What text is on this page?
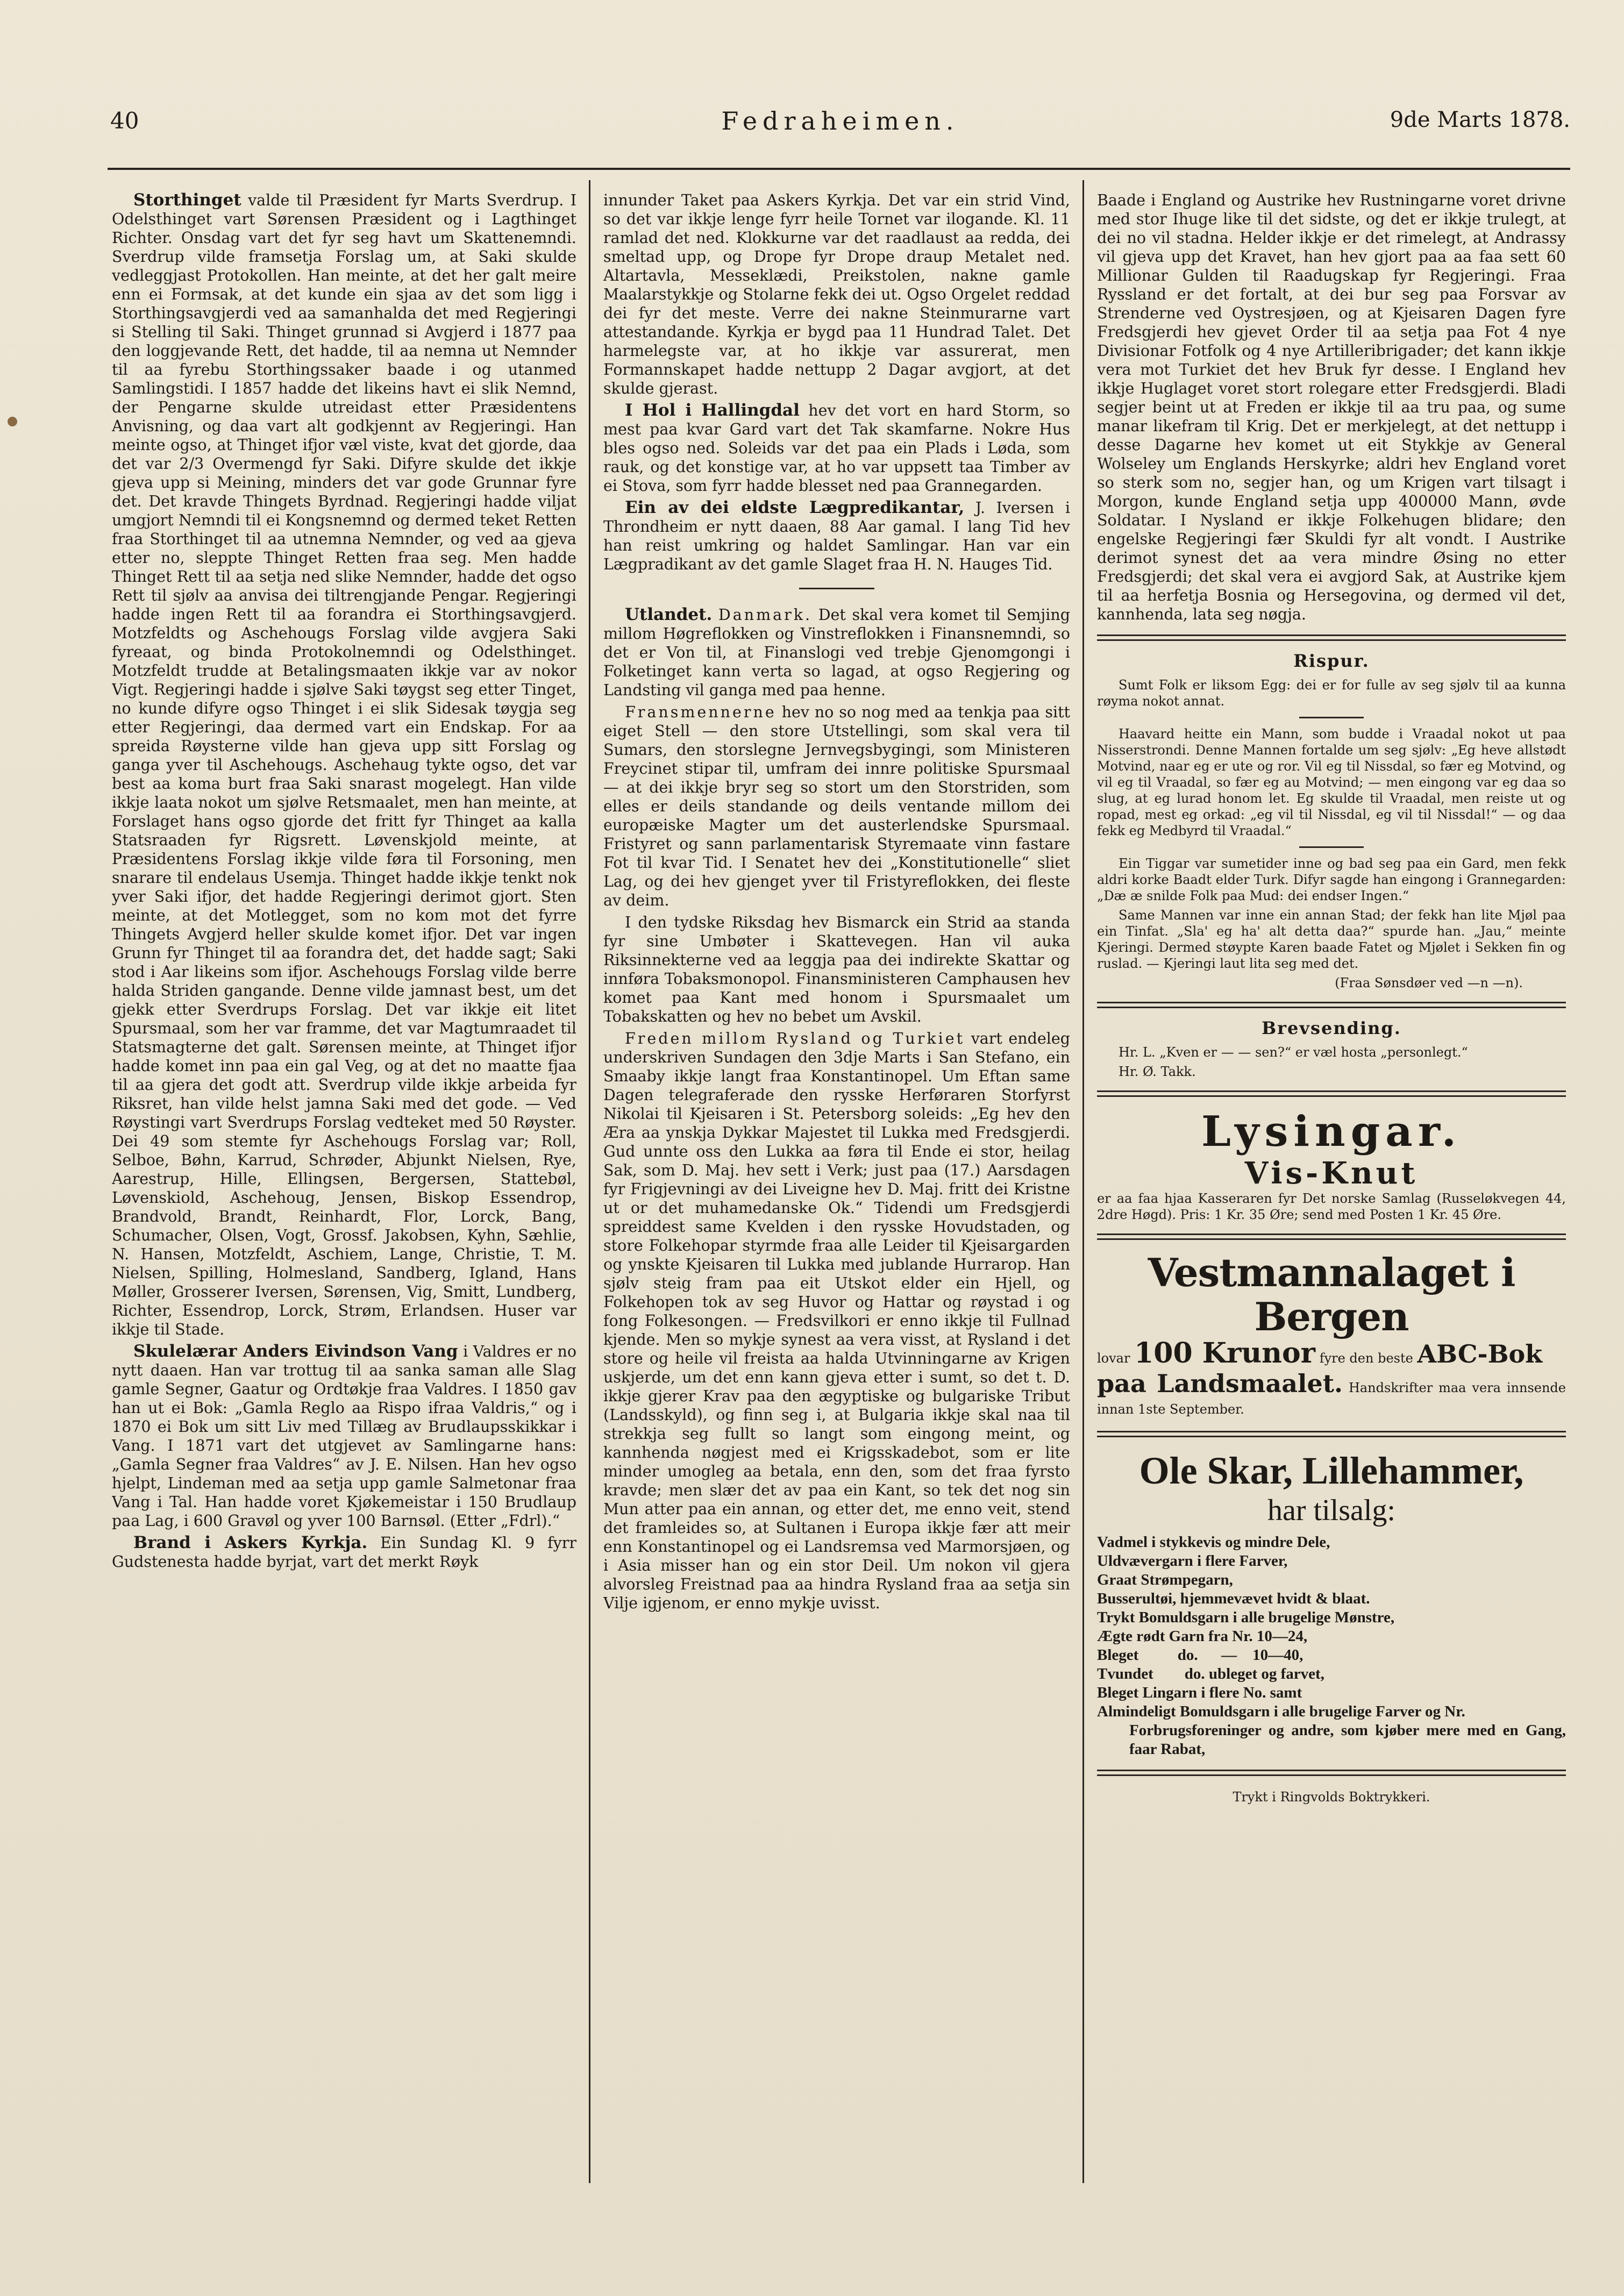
40	Fedraheimen.	9de Marts 1878.

Storthinget valde til Præsident fyr Marts Sverdrup. I Odelsthinget vart Sørensen Præsident og i Lagthinget Richter. Onsdag vart det fyr seg havt um Skattenemndi. Sverdrup vilde framsetja Forslag um, at Saki skulde vedleggjast Protokollen. Han meinte, at det her galt meire enn ei Formsak, at det kunde ein sjaa av det som ligg i Storthingsavgjerdi ved aa samanhalda det med Regjeringi si Stelling til Saki. Thinget grunnad si Avgjerd i 1877 paa den loggjevande Rett, det hadde, til aa nemna ut Nemnder til aa fyrebu Storthingssaker baade i og utanmed Samlingstidi. I 1857 hadde det likeins havt ei slik Nemnd, der Pengarne skulde utreidast etter Præsidentens Anvisning, og daa vart alt godkjennt av Regjeringi. Han meinte ogso, at Thinget ifjor væl viste, kvat det gjorde, daa det var 2/3 Overmengd fyr Saki. Difyre skulde det ikkje gjeva upp si Meining, minders det var gode Grunnar fyre det. Det kravde Thingets Byrdnad. Regjeringi hadde viljat umgjort Nemndi til ei Kongsnemnd og dermed teket Retten fraa Storthinget til aa utnemna Nemnder, og ved aa gjeva etter no, sleppte Thinget Retten fraa seg. Men hadde Thinget Rett til aa setja ned slike Nemnder, hadde det ogso Rett til sjølv aa anvisa dei tiltrengjande Pengar. Regjeringi hadde ingen Rett til aa forandra ei Storthingsavgjerd. Motzfeldts og Aschehougs Forslag vilde avgjera Saki fyreaat, og binda Protokolnemndi og Odelsthinget. Motzfeldt trudde at Betalingsmaaten ikkje var av nokor Vigt. Regjeringi hadde i sjølve Saki tøygst seg etter Tinget, no kunde difyre ogso Thinget i ei slik Sidesak tøygja seg etter Regjeringi, daa dermed vart ein Endskap. For aa spreida Røysterne vilde han gjeva upp sitt Forslag og ganga yver til Aschehougs. Aschehaug tykte ogso, det var best aa koma burt fraa Saki snarast mogelegt. Han vilde ikkje laata nokot um sjølve Retsmaalet, men han meinte, at Forslaget hans ogso gjorde det fritt fyr Thinget aa kalla Statsraaden fyr Rigsrett. Løvenskjold meinte, at Præsidentens Forslag ikkje vilde føra til Forsoning, men snarare til endelaus Usemja. Thinget hadde ikkje tenkt nok yver Saki ifjor, det hadde Regjeringi derimot gjort. Sten meinte, at det Motlegget, som no kom mot det fyrre Thingets Avgjerd heller skulde komet ifjor. Det var ingen Grunn fyr Thinget til aa forandra det, det hadde sagt; Saki stod i Aar likeins som ifjor. Aschehougs Forslag vilde berre halda Striden gangande. Denne vilde jamnast best, um det gjekk etter Sverdrups Forslag. Det var ikkje eit litet Spursmaal, som her var framme, det var Magtumraadet til Statsmagterne det galt. Sørensen meinte, at Thinget ifjor hadde komet inn paa ein gal Veg, og at det no maatte fjaa til aa gjera det godt att. Sverdrup vilde ikkje arbeida fyr Riksret, han vilde helst jamna Saki med det gode. — Ved Røystingi vart Sverdrups Forslag vedteket med 50 Røyster. Dei 49 som stemte fyr Aschehougs Forslag var; Roll, Selboe, Bøhn, Karrud, Schrøder, Abjunkt Nielsen, Rye, Aarestrup, Hille, Ellingsen, Bergersen, Stattebøl, Løvenskiold, Aschehoug, Jensen, Biskop Essendrop, Brandvold, Brandt, Reinhardt, Flor, Lorck, Bang, Schumacher, Olsen, Vogt, Grossf. Jakobsen, Kyhn, Sæhlie, N. Hansen, Motzfeldt, Aschiem, Lange, Christie, T. M. Nielsen, Spilling, Holmesland, Sandberg, Igland, Hans Møller, Grosserer Iversen, Sørensen, Vig, Smitt, Lundberg, Richter, Essendrop, Lorck, Strøm, Erlandsen. Huser var ikkje til Stade.

Skulelærar Anders Eivindson Vang i Valdres er no nytt daaen. Han var trottug til aa sanka saman alle Slag gamle Segner, Gaatur og Ordtøkje fraa Valdres. I 1850 gav han ut ei Bok: „Gamla Reglo aa Rispo ifraa Valdris,“ og i 1870 ei Bok um sitt Liv med Tillæg av Brudlaupsskikkar i Vang. I 1871 vart det utgjevet av Samlingarne hans: „Gamla Segner fraa Valdres“ av J. E. Nilsen. Han hev ogso hjelpt, Lindeman med aa setja upp gamle Salmetonar fraa Vang i Tal. Han hadde voret Kjøkemeistar i 150 Brudlaup paa Lag, i 600 Gravøl og yver 100 Barnsøl. (Etter „Fdrl).“

Brand i Askers Kyrkja. Ein Sundag Kl. 9 fyrr Gudstenesta hadde byrjat, vart det merkt Røyk

innunder Taket paa Askers Kyrkja. Det var ein strid Vind, so det var ikkje lenge fyrr heile Tornet var ilogande. Kl. 11 ramlad det ned. Klokkurne var det raadlaust aa redda, dei smeltad upp, og Drope fyr Drope draup Metalet ned. Altartavla, Messeklædi, Preikstolen, nakne gamle Maalarstykkje og Stolarne fekk dei ut. Ogso Orgelet reddad dei fyr det meste. Verre dei nakne Steinmurarne vart attestandande. Kyrkja er bygd paa 11 Hundrad Talet. Det harmelegste var, at ho ikkje var assurerat, men Formannskapet hadde nettupp 2 Dagar avgjort, at det skulde gjerast.

I Hol i Hallingdal hev det vort en hard Storm, so mest paa kvar Gard vart det Tak skamfarne. Nokre Hus bles ogso ned. Soleids var det paa ein Plads i Løda, som rauk, og det konstige var, at ho var uppsett taa Timber av ei Stova, som fyrr hadde blesset ned paa Grannegarden.

Ein av dei eldste Lægpredikantar, J. Iversen i Throndheim er nytt daaen, 88 Aar gamal. I lang Tid hev han reist umkring og haldet Samlingar. Han var ein Lægpradikant av det gamle Slaget fraa H. N. Hauges Tid.

Utlandet. Danmark. Det skal vera komet til Semjing millom Høgreflokken og Vinstreflokken i Finansnemndi, so det er Von til, at Finanslogi ved trebje Gjenomgongi i Folketinget kann verta so lagad, at ogso Regjering og Landsting vil ganga med paa henne.

Fransmennerne hev no so nog med aa tenkja paa sitt eiget Stell — den store Utstellingi, som skal vera til Sumars, den storslegne Jernvegsbygingi, som Ministeren Freycinet stipar til, umfram dei innre politiske Spursmaal — at dei ikkje bryr seg so stort um den Storstriden, som elles er deils standande og deils ventande millom dei europæiske Magter um det austerlendske Spursmaal. Fristyret og sann parlamentarisk Styremaate vinn fastare Fot til kvar Tid. I Senatet hev dei „Konstitutionelle“ sliet Lag, og dei hev gjenget yver til Fristyreflokken, dei fleste av deim.

I den tydske Riksdag hev Bismarck ein Strid aa standa fyr sine Umbøter i Skattevegen. Han vil auka Riksinnekterne ved aa leggja paa dei indirekte Skattar og innføra Tobaksmonopol. Finansministeren Camphausen hev komet paa Kant med honom i Spursmaalet um Tobakskatten og hev no bebet um Avskil.

Freden millom Rysland og Turkiet vart endeleg underskriven Sundagen den 3dje Marts i San Stefano, ein Smaaby ikkje langt fraa Konstantinopel. Um Eftan same Dagen telegraferade den rysske Herføraren Storfyrst Nikolai til Kjeisaren i St. Petersborg soleids: „Eg hev den Æra aa ynskja Dykkar Majestet til Lukka med Fredsgjerdi. Gud unnte oss den Lukka aa føra til Ende ei stor, heilag Sak, som D. Maj. hev sett i Verk; just paa (17.) Aarsdagen fyr Frigjevningi av dei Liveigne hev D. Maj. fritt dei Kristne ut or det muhamedanske Ok.“ Tidendi um Fredsgjerdi spreiddest same Kvelden i den rysske Hovudstaden, og store Folkehopar styrmde fraa alle Leider til Kjeisargarden og ynskte Kjeisaren til Lukka med jublande Hurrarop. Han sjølv steig fram paa eit Utskot elder ein Hjell, og Folkehopen tok av seg Huvor og Hattar og røystad i og fong Folkesongen. — Fredsvilkori er enno ikkje til Fullnad kjende. Men so mykje synest aa vera visst, at Rysland i det store og heile vil freista aa halda Utvinningarne av Krigen uskjerde, um det enn kann gjeva etter i sumt, so det t. D. ikkje gjerer Krav paa den ægyptiske og bulgariske Tribut (Landsskyld), og finn seg i, at Bulgaria ikkje skal naa til strekkja seg fullt so langt som eingong meint, og kannhenda nøgjest med ei Krigsskadebot, som er lite minder umogleg aa betala, enn den, som det fraa fyrsto kravde; men slær det av paa ein Kant, so tek det nog sin Mun atter paa ein annan, og etter det, me enno veit, stend det framleides so, at Sultanen i Europa ikkje fær att meir enn Konstantinopel og ei Landsremsa ved Marmorsjøen, og i Asia misser han og ein stor Deil. Um nokon vil gjera alvorsleg Freistnad paa aa hindra Rysland fraa aa setja sin Vilje igjenom, er enno mykje uvisst.

Baade i England og Austrike hev Rustningarne voret drivne med stor Ihuge like til det sidste, og det er ikkje trulegt, at dei no vil stadna. Helder ikkje er det rimelegt, at Andrassy vil gjeva upp det Kravet, han hev gjort paa aa faa sett 60 Millionar Gulden til Raadugskap fyr Regjeringi. Fraa Ryssland er det fortalt, at dei bur seg paa Forsvar av Strenderne ved Oystresjøen, og at Kjeisaren Dagen fyre Fredsgjerdi hev gjevet Order til aa setja paa Fot 4 nye Divisionar Fotfolk og 4 nye Artilleribrigader; det kann ikkje vera mot Turkiet det hev Bruk fyr desse. I England hev ikkje Huglaget voret stort rolegare etter Fredsgjerdi. Bladi segjer beint ut at Freden er ikkje til aa tru paa, og sume manar likefram til Krig. Det er merkjelegt, at det nettupp i desse Dagarne hev komet ut eit Stykkje av General Wolseley um Englands Herskyrke; aldri hev England voret so sterk som no, segjer han, og um Krigen vart tilsagt i Morgon, kunde England setja upp 400000 Mann, øvde Soldatar. I Nysland er ikkje Folkehugen blidare; den engelske Regjeringi fær Skuldi fyr alt vondt. I Austrike derimot synest det aa vera mindre Øsing no etter Fredsgjerdi; det skal vera ei avgjord Sak, at Austrike kjem til aa herfetja Bosnia og Hersegovina, og dermed vil det, kannhenda, lata seg nøgja.

Rispur.

Sumt Folk er liksom Egg: dei er for fulle av seg sjølv til aa kunna røyma nokot annat.

Haavard heitte ein Mann, som budde i Vraadal nokot ut paa Nisserstrondi. Denne Mannen fortalde um seg sjølv: „Eg heve allstødt Motvind, naar eg er ute og ror. Vil eg til Nissdal, so fær eg Motvind, og vil eg til Vraadal, so fær eg au Motvind; — men eingong var eg daa so slug, at eg lurad honom let. Eg skulde til Vraadal, men reiste ut og ropad, mest eg orkad: „eg vil til Nissdal, eg vil til Nissdal!“ — og daa fekk eg Medbyrd til Vraadal.“

Ein Tiggar var sumetider inne og bad seg paa ein Gard, men fekk aldri korke Baadt elder Turk. Difyr sagde han eingong i Grannegarden: „Dæ æ snilde Folk paa Mud: dei endser Ingen.“

Same Mannen var inne ein annan Stad; der fekk han lite Mjøl paa ein Tinfat. „Sla' eg ha' alt detta daa?“ spurde han. „Jau,“ meinte Kjeringi. Dermed støypte Karen baade Fatet og Mjølet i Sekken fin og ruslad. — Kjeringi laut lita seg med det.

(Fraa Sønsdøer ved —n —n).

Brevsending.

Hr. L. „Kven er — — sen?“ er væl hosta „personlegt.“

Hr. Ø. Takk.

Lysingar.
Vis-Knut

er aa faa hjaa Kasseraren fyr Det norske Samlag (Russeløkvegen 44, 2dre Høgd). Pris: 1 Kr. 35 Øre; send med Posten 1 Kr. 45 Øre.

Vestmannalaget i Bergen
lovar 100 Krunor fyre den beste ABC-Bok
paa Landsmaalet. Handskrifter maa vera innsende innan 1ste September.
Ole Skar, Lillehammer,
har tilsalg:

Vadmel i stykkevis og mindre Dele,

Uldvævergarn i flere Farver,

Graat Strømpegarn,

Busserultøi, hjemmevævet hvidt & blaat.

Trykt Bomuldsgarn i alle brugelige Mønstre,

Ægte rødt Garn fra Nr. 10—24,

Bleget          do.      —    10—40,

Tvundet        do. ubleget og farvet,

Bleget Lingarn i flere No. samt

Almindeligt Bomuldsgarn i alle brugelige Farver og Nr.

Forbrugsforeninger og andre, som kjøber mere med en Gang, faar Rabat,

Trykt i Ringvolds Boktrykkeri.
